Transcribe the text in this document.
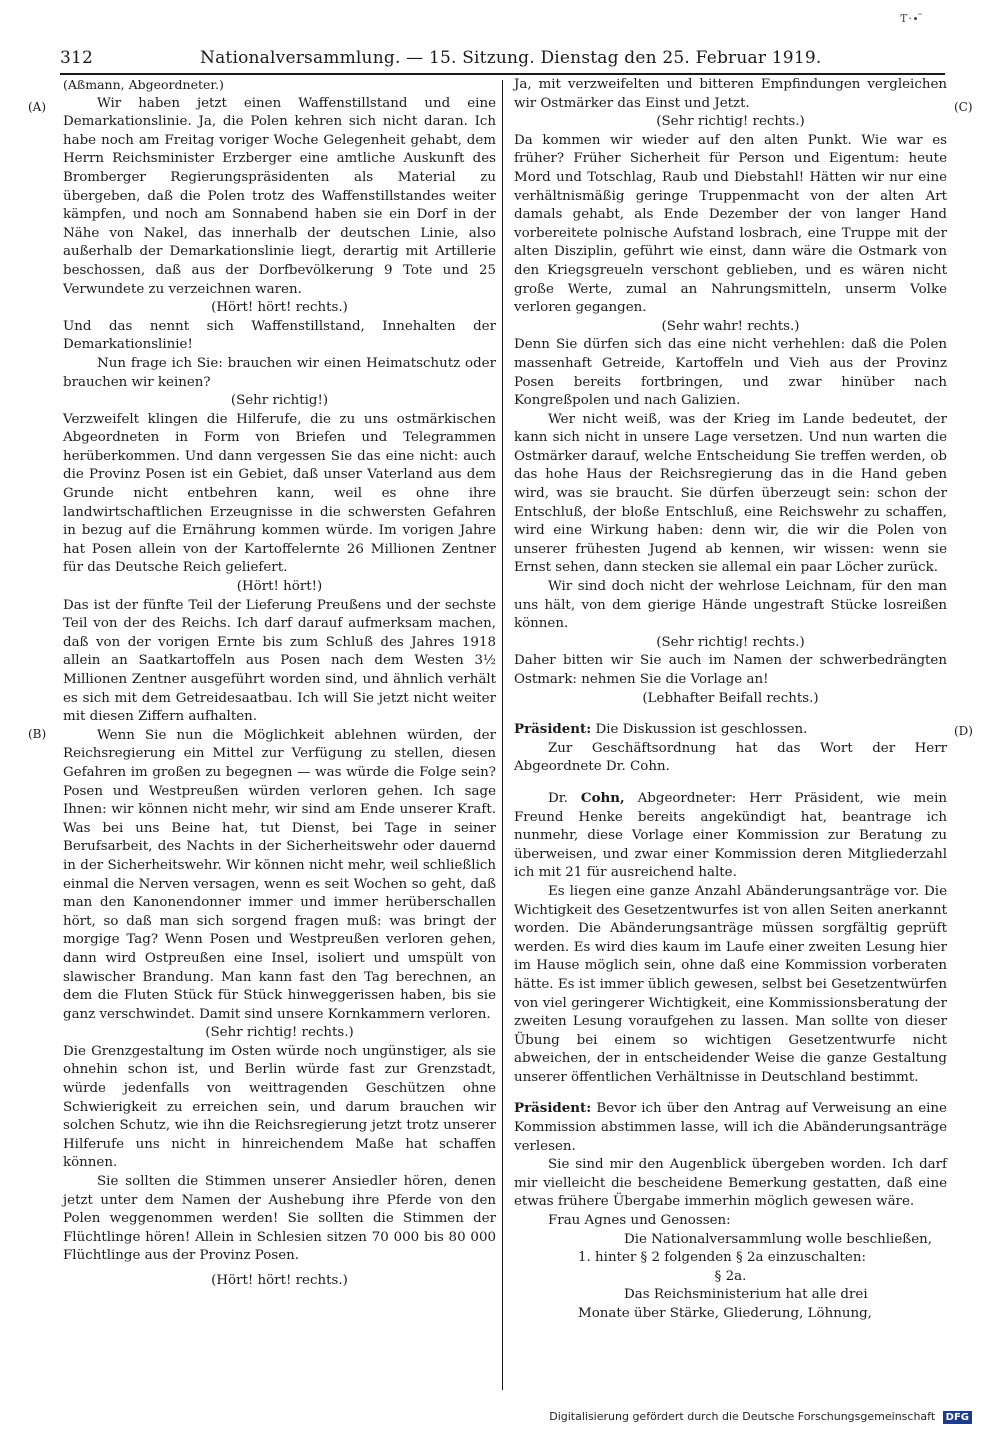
Ƭ·∙ ̄
312	Nationalversammlung. — 15. Sitzung. Dienstag den 25. Februar 1919.
(A)
(B)
(C)
(D)

(Aßmann, Abgeordneter.)

Wir haben jetzt einen Waffenstillstand und eine Demarkationslinie. Ja, die Polen kehren sich nicht daran. Ich habe noch am Freitag voriger Woche Gelegenheit gehabt, dem Herrn Reichsminister Erzberger eine amtliche Auskunft des Bromberger Regierungspräsidenten als Material zu übergeben, daß die Polen trotz des Waffenstillstandes weiter kämpfen, und noch am Sonnabend haben sie ein Dorf in der Nähe von Nakel, das innerhalb der deutschen Linie, also außerhalb der Demarkationslinie liegt, derartig mit Artillerie beschossen, daß aus der Dorfbevölkerung 9 Tote und 25 Verwundete zu verzeichnen waren.

(Hört! hört! rechts.)

Und das nennt sich Waffenstillstand, Innehalten der Demarkationslinie!

Nun frage ich Sie: brauchen wir einen Heimatschutz oder brauchen wir keinen?

(Sehr richtig!)

Verzweifelt klingen die Hilferufe, die zu uns ostmärkischen Abgeordneten in Form von Briefen und Telegrammen herüberkommen. Und dann vergessen Sie das eine nicht: auch die Provinz Posen ist ein Gebiet, daß unser Vaterland aus dem Grunde nicht entbehren kann, weil es ohne ihre landwirtschaftlichen Erzeugnisse in die schwersten Gefahren in bezug auf die Ernährung kommen würde. Im vorigen Jahre hat Posen allein von der Kartoffelernte 26 Millionen Zentner für das Deutsche Reich geliefert.

(Hört! hört!)

Das ist der fünfte Teil der Lieferung Preußens und der sechste Teil von der des Reichs. Ich darf darauf aufmerksam machen, daß von der vorigen Ernte bis zum Schluß des Jahres 1918 allein an Saatkartoffeln aus Posen nach dem Westen 3½ Millionen Zentner ausgeführt worden sind, und ähnlich verhält es sich mit dem Getreidesaatbau. Ich will Sie jetzt nicht weiter mit diesen Ziffern aufhalten.

Wenn Sie nun die Möglichkeit ablehnen würden, der Reichsregierung ein Mittel zur Verfügung zu stellen, diesen Gefahren im großen zu begegnen — was würde die Folge sein? Posen und Westpreußen würden verloren gehen. Ich sage Ihnen: wir können nicht mehr, wir sind am Ende unserer Kraft. Was bei uns Beine hat, tut Dienst, bei Tage in seiner Berufsarbeit, des Nachts in der Sicherheitswehr oder dauernd in der Sicherheitswehr. Wir können nicht mehr, weil schließlich einmal die Nerven versagen, wenn es seit Wochen so geht, daß man den Kanonendonner immer und immer herüberschallen hört, so daß man sich sorgend fragen muß: was bringt der morgige Tag? Wenn Posen und Westpreußen verloren gehen, dann wird Ostpreußen eine Insel, isoliert und umspült von slawischer Brandung. Man kann fast den Tag berechnen, an dem die Fluten Stück für Stück hinweggerissen haben, bis sie ganz verschwindet. Damit sind unsere Kornkammern verloren.

(Sehr richtig! rechts.)

Die Grenzgestaltung im Osten würde noch ungünstiger, als sie ohnehin schon ist, und Berlin würde fast zur Grenzstadt, würde jedenfalls von weittragenden Geschützen ohne Schwierigkeit zu erreichen sein, und darum brauchen wir solchen Schutz, wie ihn die Reichsregierung jetzt trotz unserer Hilferufe uns nicht in hinreichendem Maße hat schaffen können.

Sie sollten die Stimmen unserer Ansiedler hören, denen jetzt unter dem Namen der Aushebung ihre Pferde von den Polen weggenommen werden! Sie sollten die Stimmen der Flüchtlinge hören! Allein in Schlesien sitzen 70 000 bis 80 000 Flüchtlinge aus der Provinz Posen.

(Hört! hört! rechts.)

Ja, mit verzweifelten und bitteren Empfindungen vergleichen wir Ostmärker das Einst und Jetzt.

(Sehr richtig! rechts.)

Da kommen wir wieder auf den alten Punkt. Wie war es früher? Früher Sicherheit für Person und Eigentum: heute Mord und Totschlag, Raub und Diebstahl! Hätten wir nur eine verhältnismäßig geringe Truppenmacht von der alten Art damals gehabt, als Ende Dezember der von langer Hand vorbereitete polnische Aufstand losbrach, eine Truppe mit der alten Disziplin, geführt wie einst, dann wäre die Ostmark von den Kriegsgreueln verschont geblieben, und es wären nicht große Werte, zumal an Nahrungsmitteln, unserm Volke verloren gegangen.

(Sehr wahr! rechts.)

Denn Sie dürfen sich das eine nicht verhehlen: daß die Polen massenhaft Getreide, Kartoffeln und Vieh aus der Provinz Posen bereits fortbringen, und zwar hinüber nach Kongreßpolen und nach Galizien.

Wer nicht weiß, was der Krieg im Lande bedeutet, der kann sich nicht in unsere Lage versetzen. Und nun warten die Ostmärker darauf, welche Entscheidung Sie treffen werden, ob das hohe Haus der Reichsregierung das in die Hand geben wird, was sie braucht. Sie dürfen überzeugt sein: schon der Entschluß, der bloße Entschluß, eine Reichswehr zu schaffen, wird eine Wirkung haben: denn wir, die wir die Polen von unserer frühesten Jugend ab kennen, wir wissen: wenn sie Ernst sehen, dann stecken sie allemal ein paar Löcher zurück.

Wir sind doch nicht der wehrlose Leichnam, für den man uns hält, von dem gierige Hände ungestraft Stücke losreißen können.

(Sehr richtig! rechts.)

Daher bitten wir Sie auch im Namen der schwerbedrängten Ostmark: nehmen Sie die Vorlage an!

(Lebhafter Beifall rechts.)

Präsident: Die Diskussion ist geschlossen.

Zur Geschäftsordnung hat das Wort der Herr Abgeordnete Dr. Cohn.

Dr. Cohn, Abgeordneter: Herr Präsident, wie mein Freund Henke bereits angekündigt hat, beantrage ich nunmehr, diese Vorlage einer Kommission zur Beratung zu überweisen, und zwar einer Kommission deren Mitgliederzahl ich mit 21 für ausreichend halte.

Es liegen eine ganze Anzahl Abänderungsanträge vor. Die Wichtigkeit des Gesetzentwurfes ist von allen Seiten anerkannt worden. Die Abänderungsanträge müssen sorgfältig geprüft werden. Es wird dies kaum im Laufe einer zweiten Lesung hier im Hause möglich sein, ohne daß eine Kommission vorberaten hätte. Es ist immer üblich gewesen, selbst bei Gesetzentwürfen von viel geringerer Wichtigkeit, eine Kommissionsberatung der zweiten Lesung voraufgehen zu lassen. Man sollte von dieser Übung bei einem so wichtigen Gesetzentwurfe nicht abweichen, der in entscheidender Weise die ganze Gestaltung unserer öffentlichen Verhältnisse in Deutschland bestimmt.

Präsident: Bevor ich über den Antrag auf Verweisung an eine Kommission abstimmen lasse, will ich die Abänderungsanträge verlesen.

Sie sind mir den Augenblick übergeben worden. Ich darf mir vielleicht die bescheidene Bemerkung gestatten, daß eine etwas frühere Übergabe immerhin möglich gewesen wäre.

Frau Agnes und Genossen:

Die Nationalversammlung wolle beschließen,

1. hinter § 2 folgenden § 2a einzuschalten:

§ 2a.

Das Reichsministerium hat alle drei

Monate über Stärke, Gliederung, Löhnung,

Digitalisierung gefördert durch die Deutsche Forschungsgemeinschaft DFG
